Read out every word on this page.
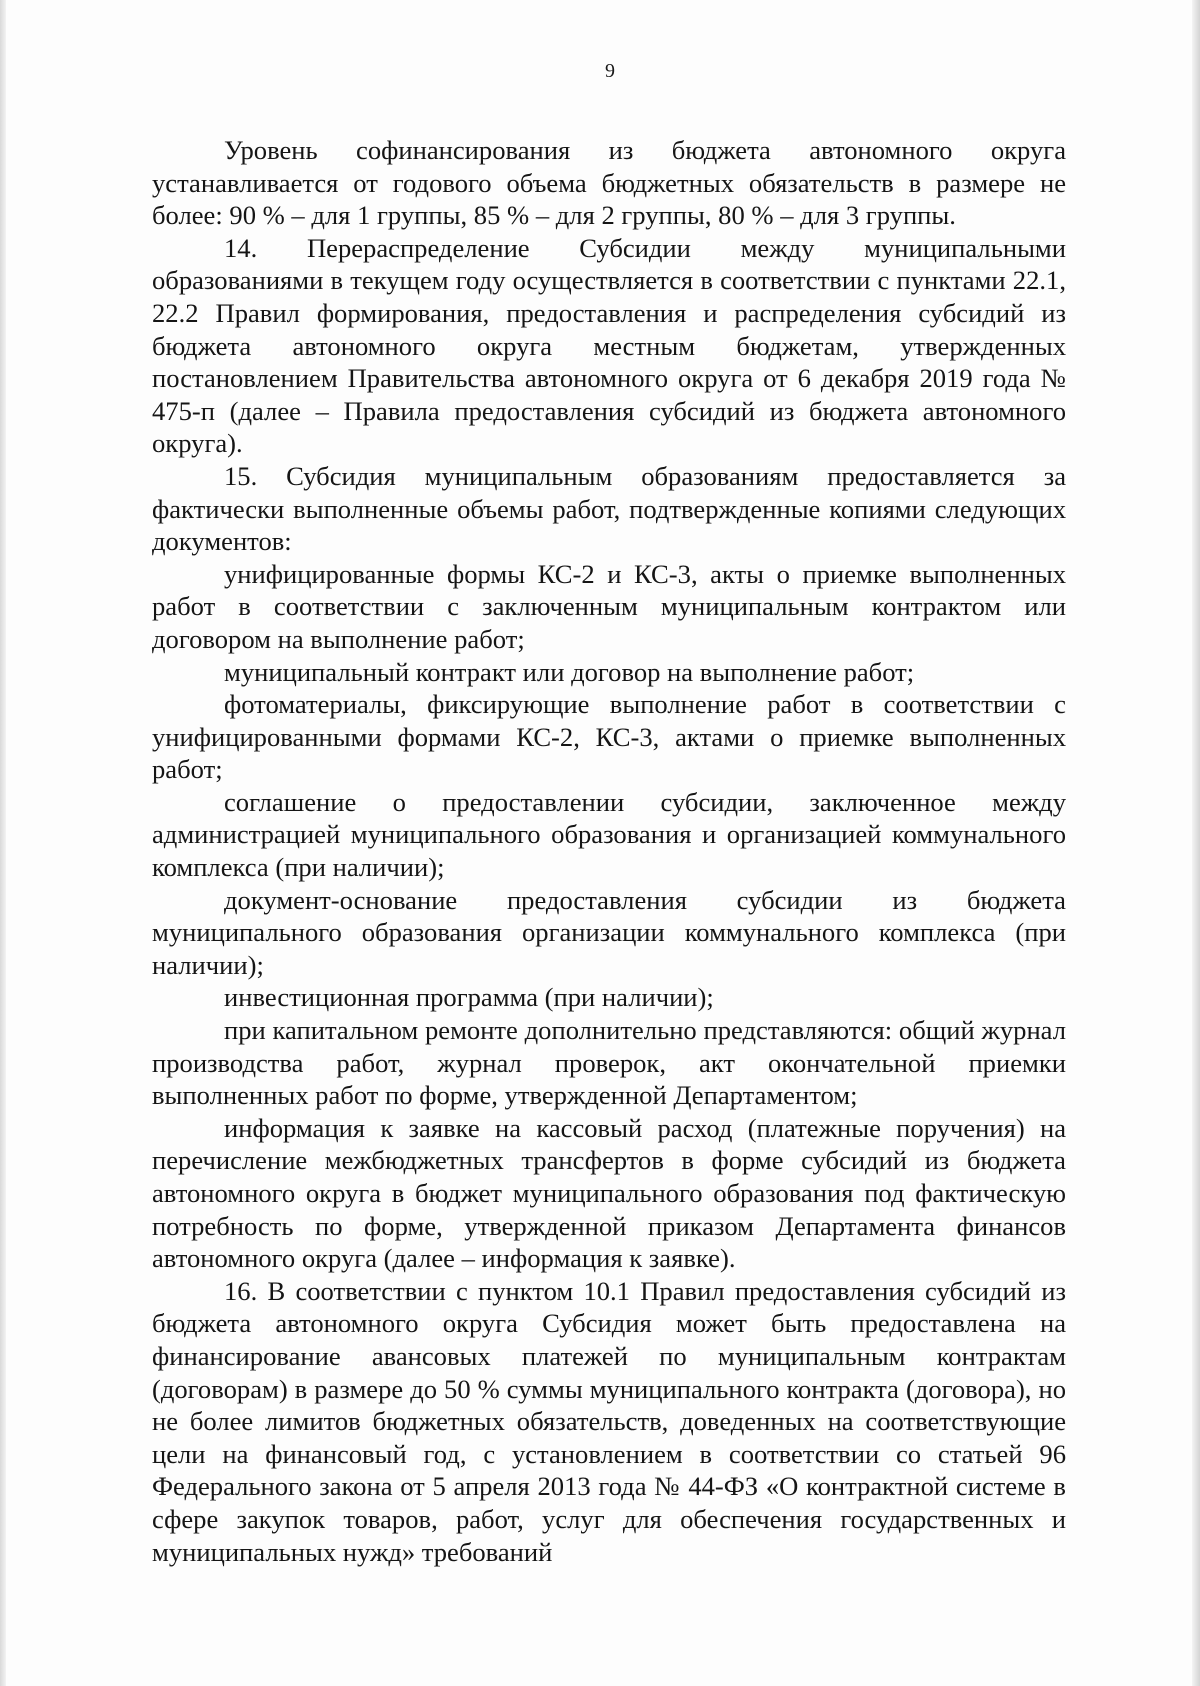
9

Уровень софинансирования из бюджета автономного округа устанавливается от годового объема бюджетных обязательств в размере не более: 90 % – для 1 группы, 85 % – для 2 группы, 80 % – для 3 группы.

14. Перераспределение Субсидии между муниципальными образованиями в текущем году осуществляется в соответствии с пунктами 22.1, 22.2 Правил формирования, предоставления и распределения субсидий из бюджета автономного округа местным бюджетам, утвержденных постановлением Правительства автономного округа от 6 декабря 2019 года № 475-п (далее – Правила предоставления субсидий из бюджета автономного округа).

15. Субсидия муниципальным образованиям предоставляется за фактически выполненные объемы работ, подтвержденные копиями следующих документов:

унифицированные формы КС-2 и КС-3, акты о приемке выполненных работ в соответствии с заключенным муниципальным контрактом или договором на выполнение работ;

муниципальный контракт или договор на выполнение работ;

фотоматериалы, фиксирующие выполнение работ в соответствии с унифицированными формами КС-2, КС-3, актами о приемке выполненных работ;

соглашение о предоставлении субсидии, заключенное между администрацией муниципального образования и организацией коммунального комплекса (при наличии);

документ-основание предоставления субсидии из бюджета муниципального образования организации коммунального комплекса (при наличии);

инвестиционная программа (при наличии);

при капитальном ремонте дополнительно представляются: общий журнал производства работ, журнал проверок, акт окончательной приемки выполненных работ по форме, утвержденной Департаментом;

информация к заявке на кассовый расход (платежные поручения) на перечисление межбюджетных трансфертов в форме субсидий из бюджета автономного округа в бюджет муниципального образования под фактическую потребность по форме, утвержденной приказом Департамента финансов автономного округа (далее – информация к заявке).

16. В соответствии с пунктом 10.1 Правил предоставления субсидий из бюджета автономного округа Субсидия может быть предоставлена на финансирование авансовых платежей по муниципальным контрактам (договорам) в размере до 50 % суммы муниципального контракта (договора), но не более лимитов бюджетных обязательств, доведенных на соответствующие цели на финансовый год, с установлением в соответствии со статьей 96 Федерального закона от 5 апреля 2013 года № 44-ФЗ «О контрактной системе в сфере закупок товаров, работ, услуг для обеспечения государственных и муниципальных нужд» требований
